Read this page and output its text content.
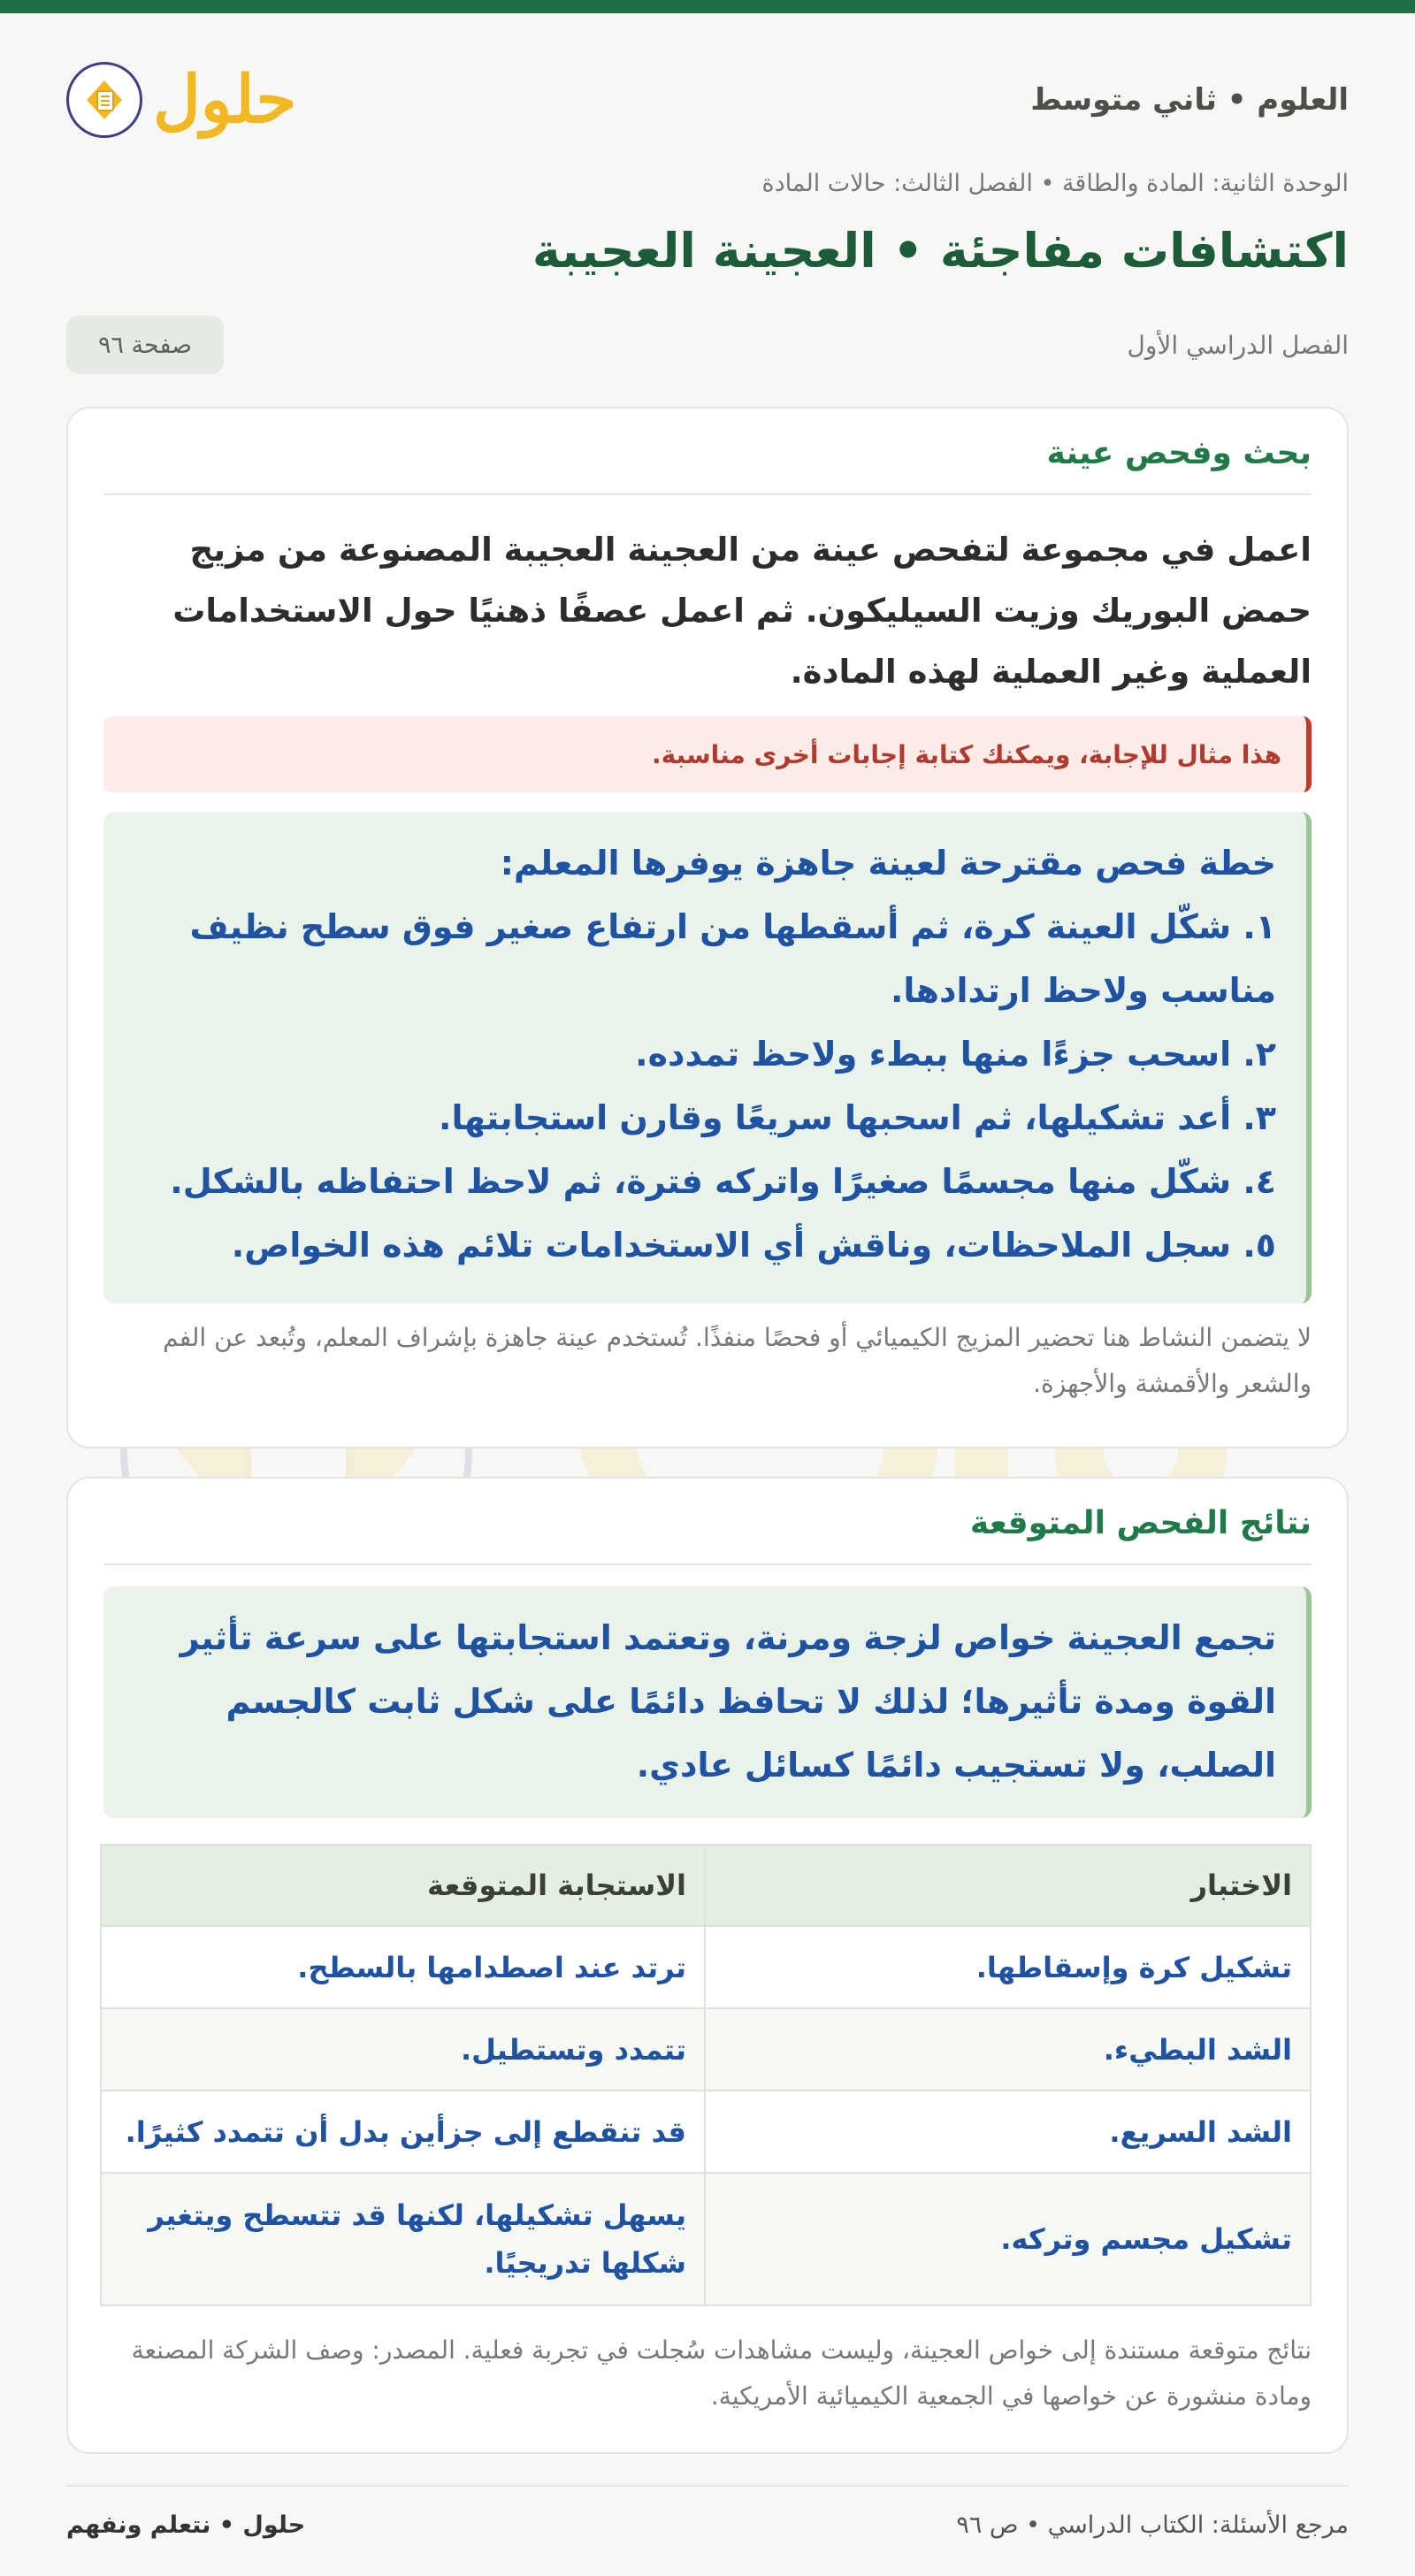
العلوم • ثاني متوسط
حلول
الوحدة الثانية: المادة والطاقة • الفصل الثالث: حالات المادة
اكتشافات مفاجئة • العجينة العجيبة
الفصل الدراسي الأول
صفحة ٩٦
بحث وفحص عينة
اعمل في مجموعة لتفحص عينة من العجينة العجيبة المصنوعة من مزيج حمض البوريك وزيت السيليكون. ثم اعمل عصفًا ذهنيًا حول الاستخدامات العملية وغير العملية لهذه المادة.
هذا مثال للإجابة، ويمكنك كتابة إجابات أخرى مناسبة.
خطة فحص مقترحة لعينة جاهزة يوفرها المعلم:
١. شكّل العينة كرة، ثم أسقطها من ارتفاع صغير فوق سطح نظيف مناسب ولاحظ ارتدادها.
٢. اسحب جزءًا منها ببطء ولاحظ تمدده.
٣. أعد تشكيلها، ثم اسحبها سريعًا وقارن استجابتها.
٤. شكّل منها مجسمًا صغيرًا واتركه فترة، ثم لاحظ احتفاظه بالشكل.
٥. سجل الملاحظات، وناقش أي الاستخدامات تلائم هذه الخواص.
لا يتضمن النشاط هنا تحضير المزيج الكيميائي أو فحصًا منفذًا. تُستخدم عينة جاهزة بإشراف المعلم، وتُبعد عن الفم والشعر والأقمشة والأجهزة.
نتائج الفحص المتوقعة
تجمع العجينة خواص لزجة ومرنة، وتعتمد استجابتها على سرعة تأثير القوة ومدة تأثيرها؛ لذلك لا تحافظ دائمًا على شكل ثابت كالجسم الصلب، ولا تستجيب دائمًا كسائل عادي.
الاختبار	الاستجابة المتوقعة
تشكيل كرة وإسقاطها.	ترتد عند اصطدامها بالسطح.
الشد البطيء.	تتمدد وتستطيل.
الشد السريع.	قد تنقطع إلى جزأين بدل أن تتمدد كثيرًا.
تشكيل مجسم وتركه.	يسهل تشكيلها، لكنها قد تتسطح ويتغير شكلها تدريجيًا.
نتائج متوقعة مستندة إلى خواص العجينة، وليست مشاهدات سُجلت في تجربة فعلية. المصدر: وصف الشركة المصنعة ومادة منشورة عن خواصها في الجمعية الكيميائية الأمريكية.
مرجع الأسئلة: الكتاب الدراسي • ص ٩٦
حلول • نتعلم ونفهم
